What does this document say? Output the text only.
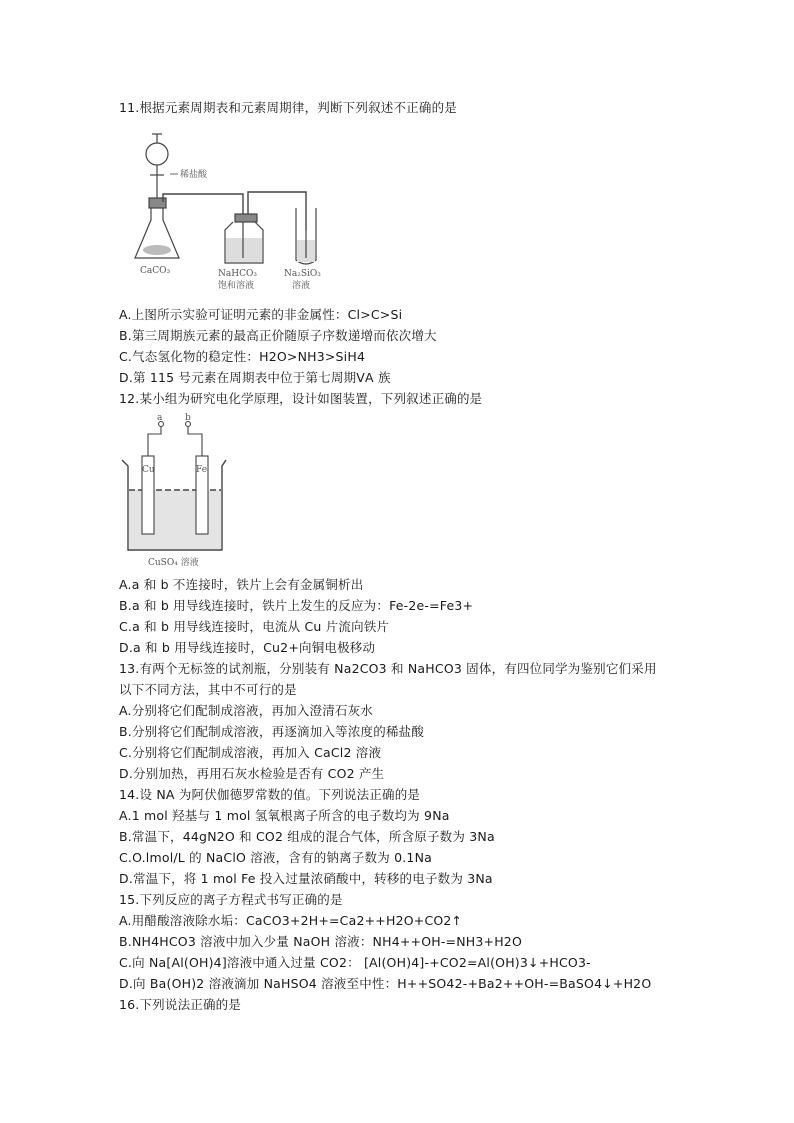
11.根据元素周期表和元素周期律，判断下列叙述不正确的是
稀盐酸
CaCO₃	NaHCO₃
饱和溶液
Na₂SiO₃
溶液
A.上图所示实验可证明元素的非金属性：Cl>C>Si
B.第三周期族元素的最高正价随原子序数递增而依次增大
C.气态氢化物的稳定性：H2O>NH3>SiH4
D.第 115 号元素在周期表中位于第七周期ⅤA 族
12.某小组为研究电化学原理，设计如图装置，下列叙述正确的是
a	b
Cu	Fe
CuSO₄ 溶液
A.a 和 b 不连接时，铁片上会有金属铜析出
B.a 和 b 用导线连接时，铁片上发生的反应为：Fe-2e-=Fe3+
C.a 和 b 用导线连接时，电流从 Cu 片流向铁片
D.a 和 b 用导线连接时，Cu2+向铜电极移动
13.有两个无标签的试剂瓶，分别装有 Na2CO3 和 NaHCO3 固体，有四位同学为鉴别它们采用
以下不同方法，其中不可行的是
A.分别将它们配制成溶液，再加入澄清石灰水
B.分别将它们配制成溶液，再逐滴加入等浓度的稀盐酸
C.分别将它们配制成溶液，再加入 CaCl2 溶液
D.分别加热，再用石灰水检验是否有 CO2 产生
14.设 NA 为阿伏伽德罗常数的值。下列说法正确的是
A.1 mol 羟基与 1 mol 氢氧根离子所含的电子数均为 9Na
B.常温下，44gN2O 和 CO2 组成的混合气体，所含原子数为 3Na
C.O.lmol/L 的 NaClO 溶液，含有的钠离子数为 0.1Na
D.常温下，将 1 mol Fe 投入过量浓硝酸中，转移的电子数为 3Na
15.下列反应的离子方程式书写正确的是
A.用醋酸溶液除水垢：CaCO3+2H+=Ca2++H2O+CO2↑
B.NH4HCO3 溶液中加入少量 NaOH 溶液：NH4++OH-=NH3+H2O
C.向 Na[Al(OH)4]溶液中通入过量 CO2： [Al(OH)4]-+CO2=Al(OH)3↓+HCO3-
D.向 Ba(OH)2 溶液滴加 NaHSO4 溶液至中性：H++SO42-+Ba2++OH-=BaSO4↓+H2O
16.下列说法正确的是
